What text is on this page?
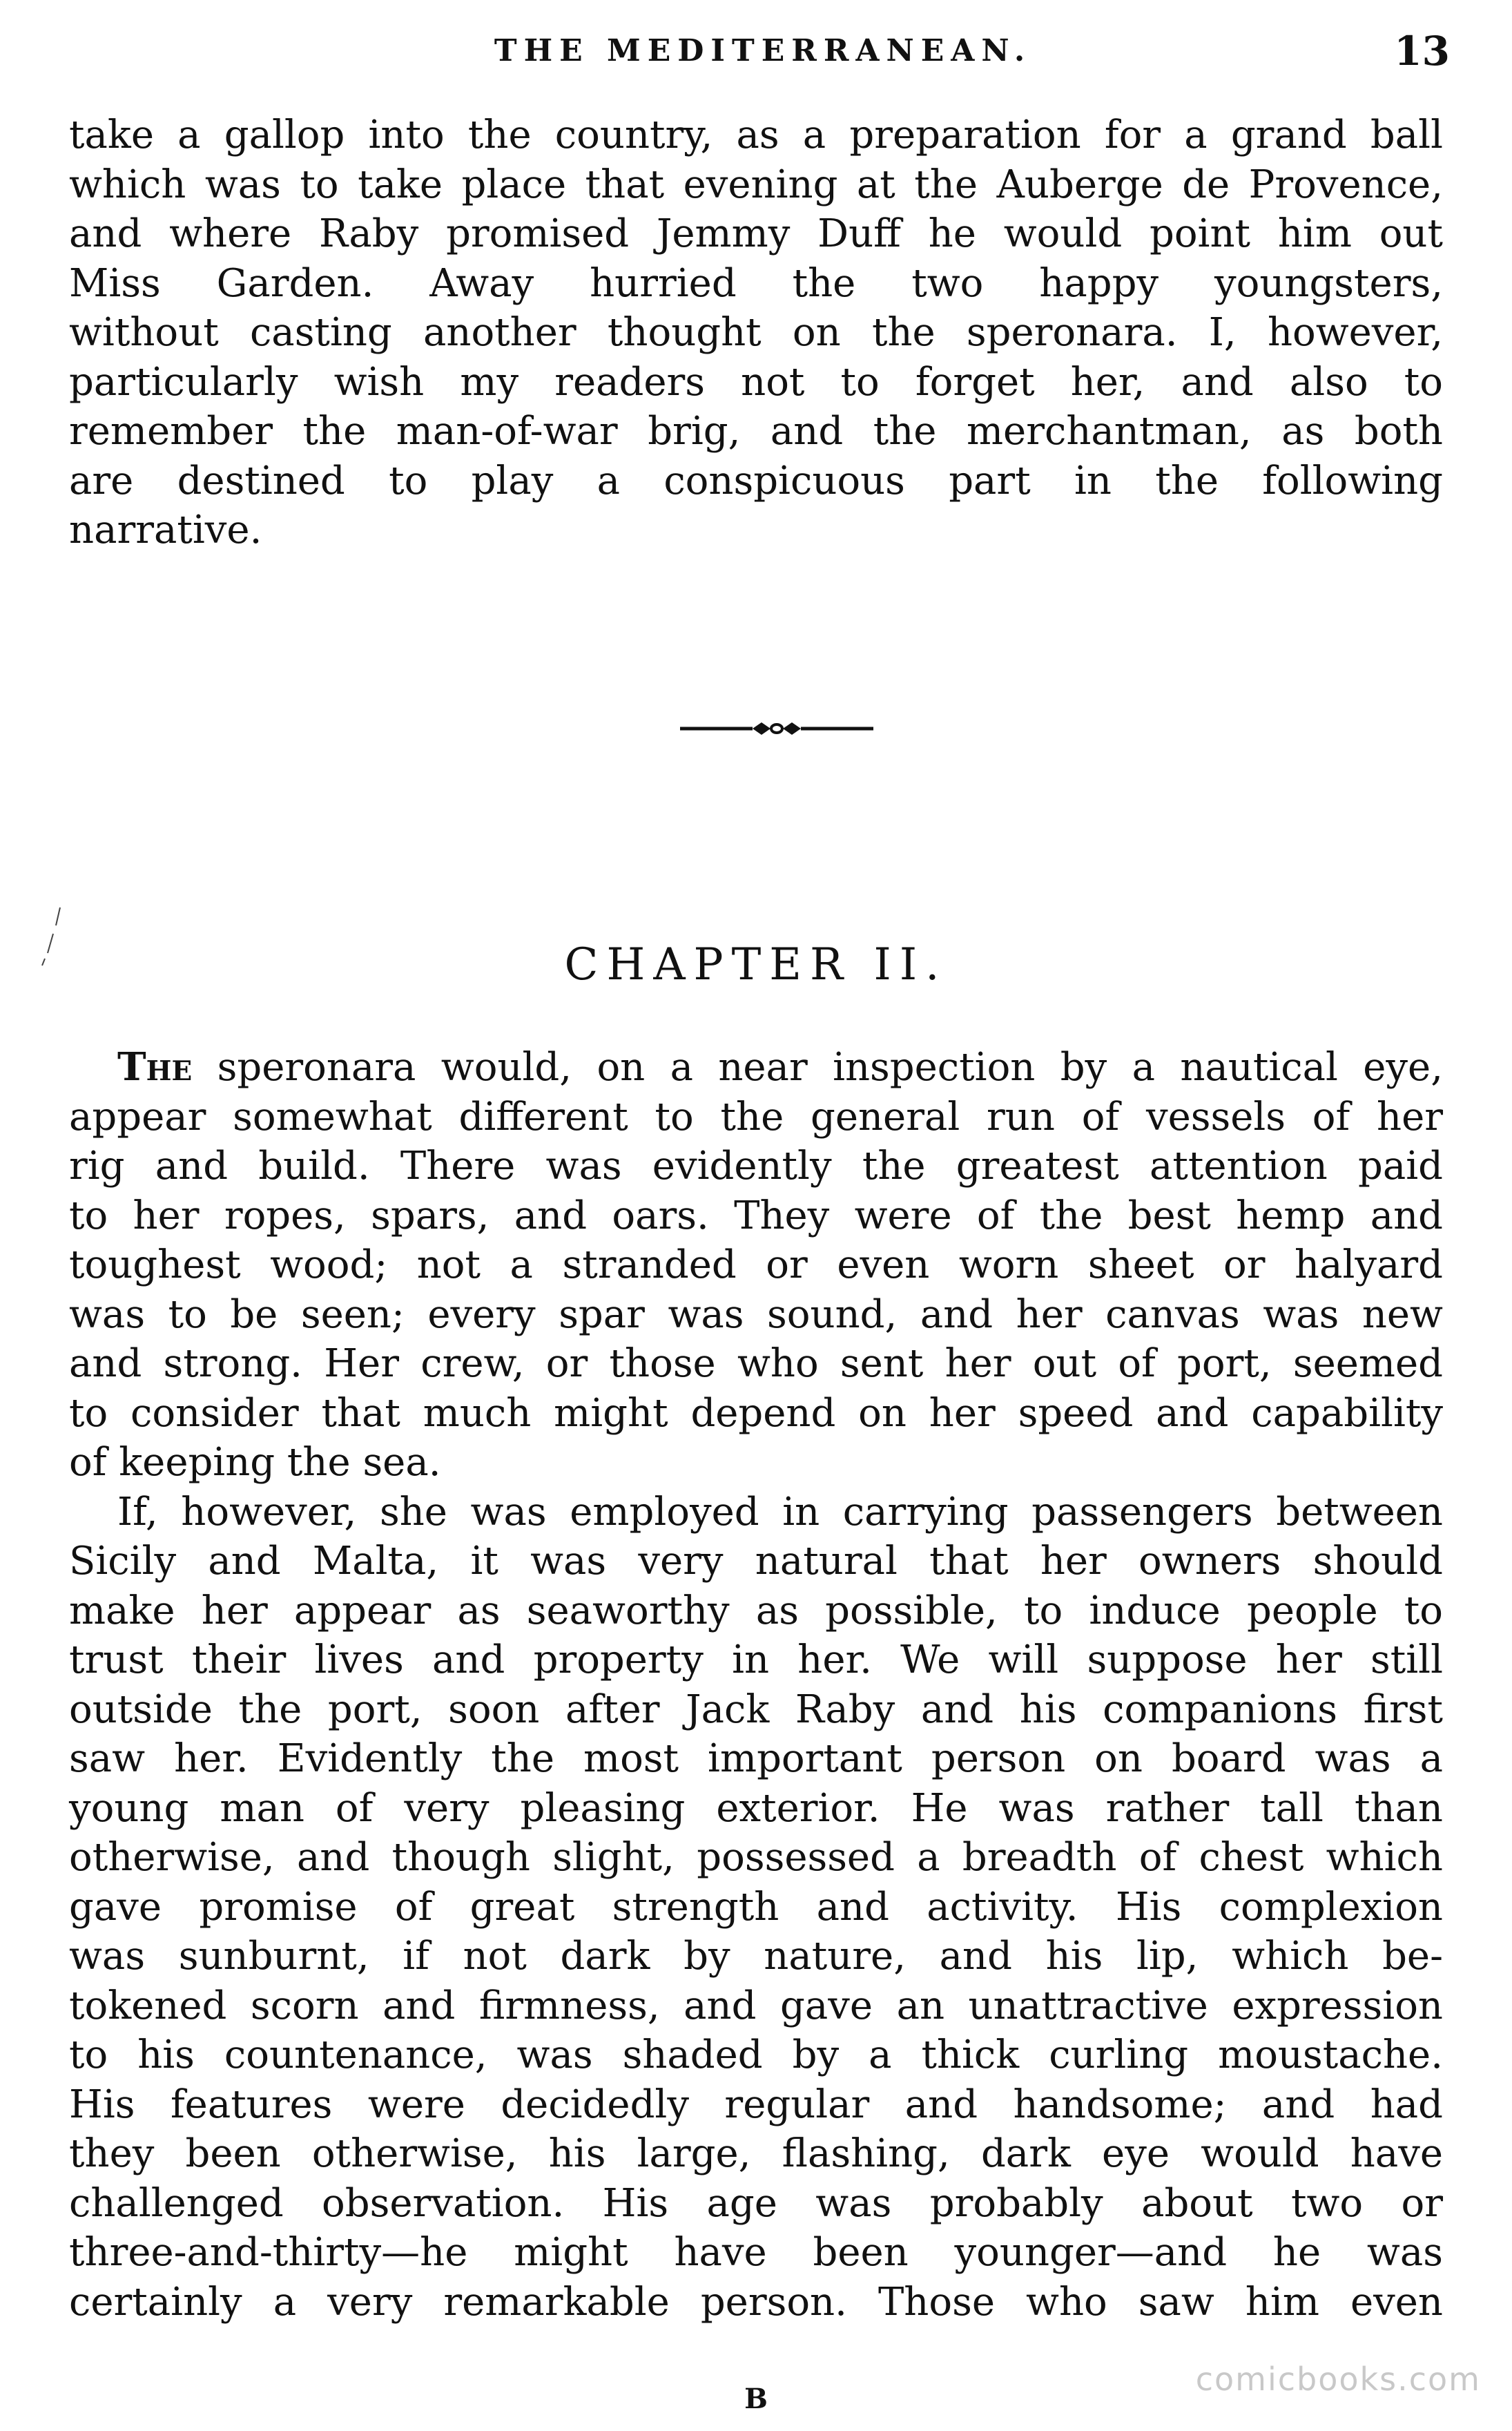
THE MEDITERRANEAN.	13
take a gallop into the country, as a preparation for a grand ball
which was to take place that evening at the Auberge de Provence,
and where Raby promised Jemmy Duff he would point him out
Miss Garden. Away hurried the two happy youngsters,
without casting another thought on the speronara. I, however,
particularly wish my readers not to forget her, and also to
remember the man-of-war brig, and the merchantman, as both
are destined to play a conspicuous part in the following
narrative.
CHAPTER II.
The speronara would, on a near inspection by a nautical eye,
appear somewhat different to the general run of vessels of her
rig and build. There was evidently the greatest attention paid
to her ropes, spars, and oars. They were of the best hemp and
toughest wood; not a stranded or even worn sheet or halyard
was to be seen; every spar was sound, and her canvas was new
and strong. Her crew, or those who sent her out of port, seemed
to consider that much might depend on her speed and capability
of keeping the sea.
If, however, she was employed in carrying passengers between
Sicily and Malta, it was very natural that her owners should
make her appear as seaworthy as possible, to induce people to
trust their lives and property in her. We will suppose her still
outside the port, soon after Jack Raby and his companions first
saw her. Evidently the most important person on board was a
young man of very pleasing exterior. He was rather tall than
otherwise, and though slight, possessed a breadth of chest which
gave promise of great strength and activity. His complexion
was sunburnt, if not dark by nature, and his lip, which be-
tokened scorn and firmness, and gave an unattractive expression
to his countenance, was shaded by a thick curling moustache.
His features were decidedly regular and handsome; and had
they been otherwise, his large, flashing, dark eye would have
challenged observation. His age was probably about two or
three-and-thirty—he might have been younger—and he was
certainly a very remarkable person. Those who saw him even
B
comicbooks.com
